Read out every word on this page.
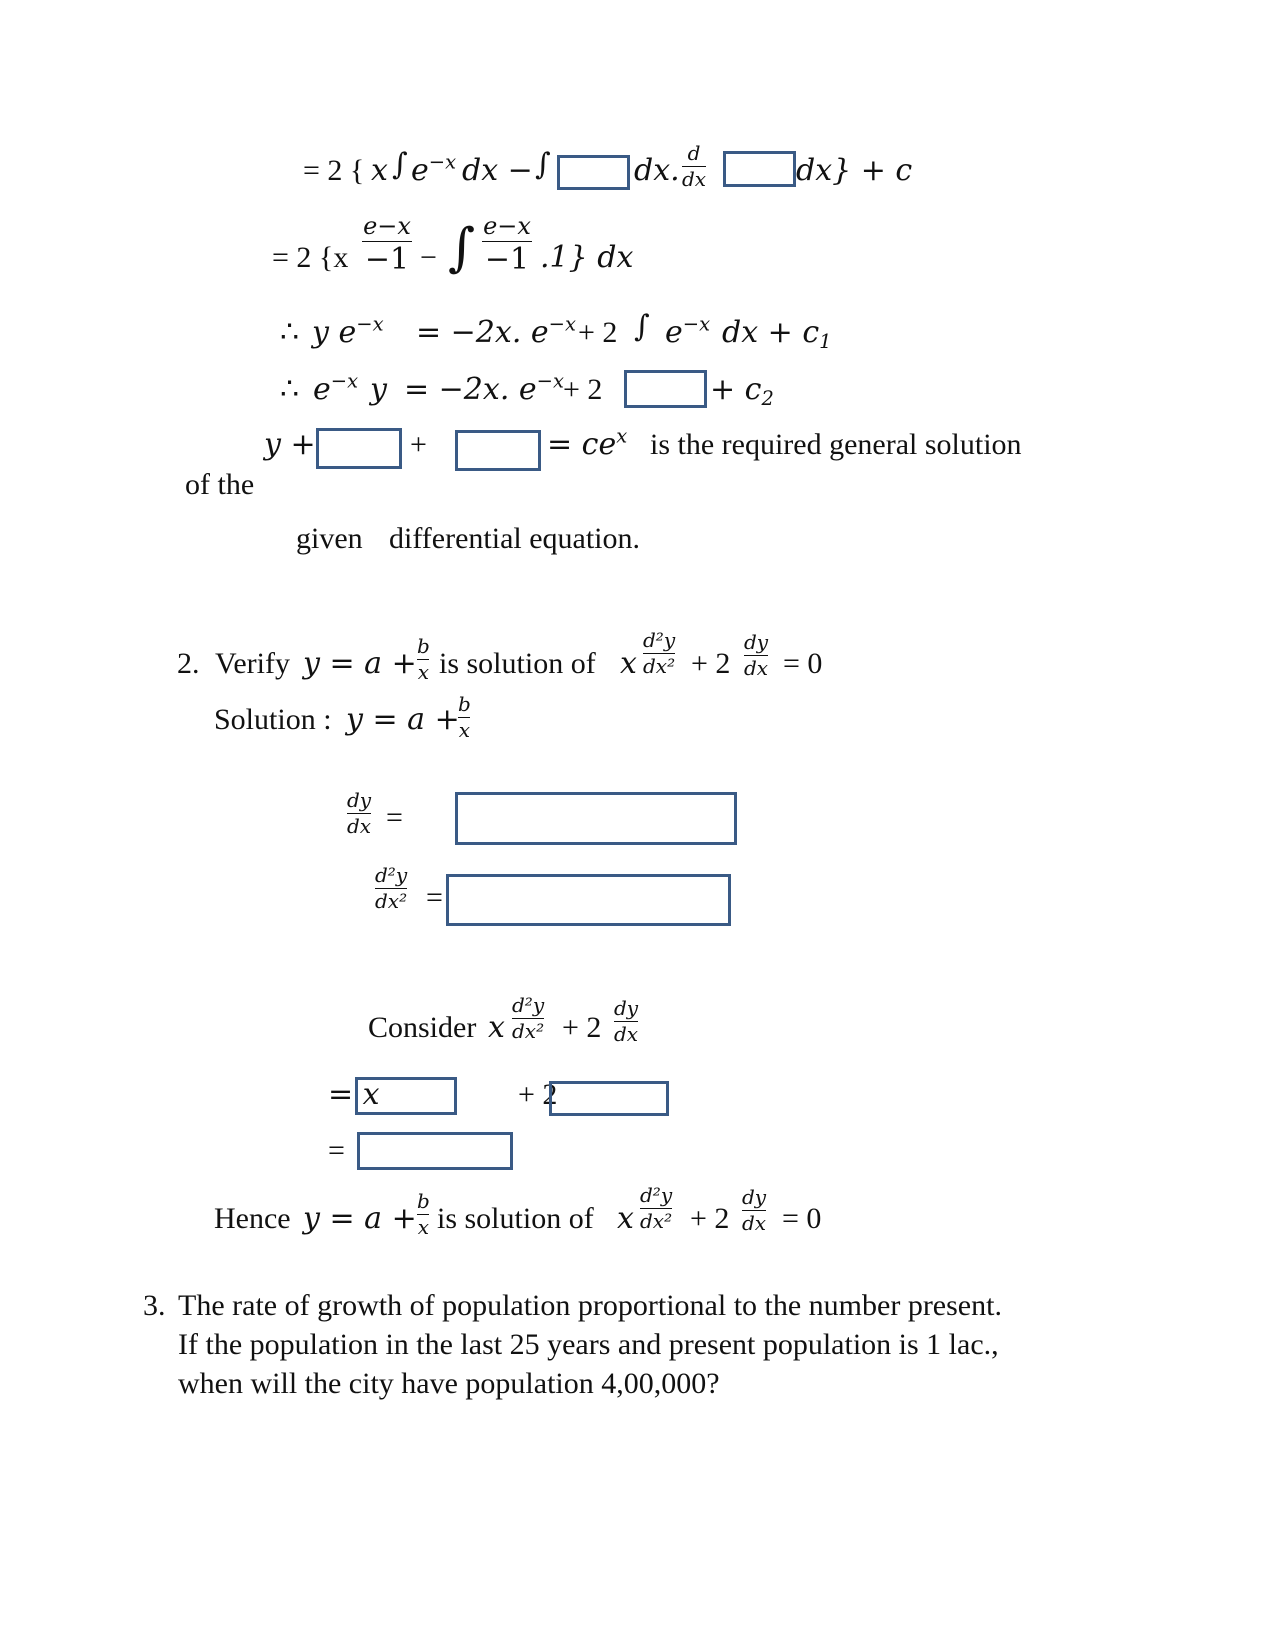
= 2 { x ∫ $e^{-x}$ dx − ∫	dx. d
dx	dx} + c
= 2 {x
e−x
−1 − ∫ e−x
−1 .1} dx
∴ y $e^{-x} = -2x$. $e^{-x} + 2$ ∫ $e^{-x}$ dx + $c_1$
∴ $e^{-x}$ y = −2x. $e^{-x} + 2$	+ $c_2$
y +	+	= $ce^x$ is the required general solution
of the
given differential equation.
2. Verify y = a + b
x is solution of x
d²y
dx² + 2
dy
dx = 0
Solution : y = a +
b
x
dy
dx =
d²y
dx² =
Consider x
d²y
dx² + 2
dy
dx
= x	+ 2
=
Hence y = a + b
x is solution of x
d²y
dx² + 2
dy
dx = 0
3. The rate of growth of population proportional to the number present.
If the population in the last 25 years and present population is 1 lac.,
when will the city have population 4,00,000?
